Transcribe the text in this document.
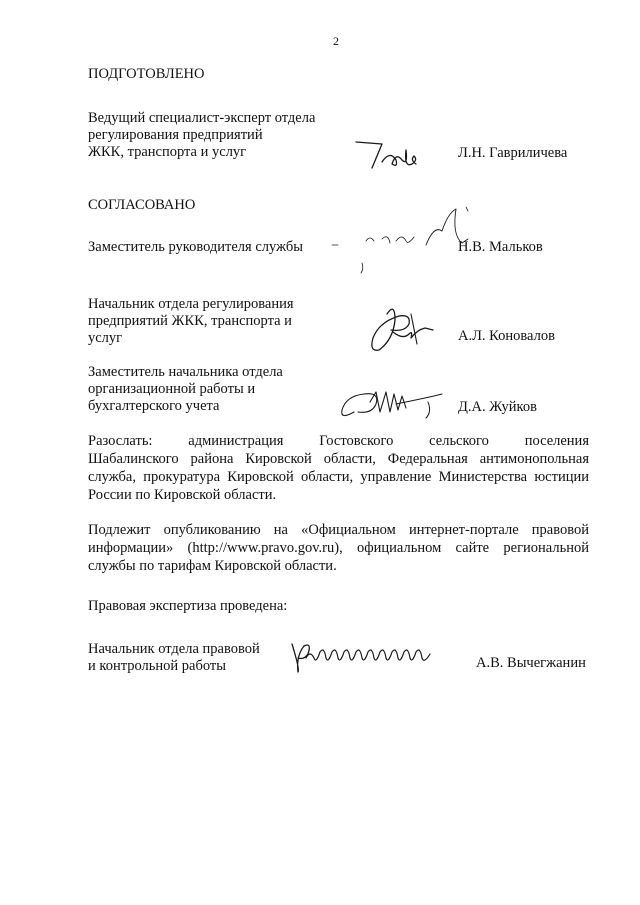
2
ПОДГОТОВЛЕНО
Ведущий специалист-эксперт отдела
регулирования предприятий
ЖКК, транспорта и услуг	Л.Н. Гавриличева
СОГЛАСОВАНО
Заместитель руководителя службы	Н.В. Мальков
Начальник отдела регулирования
предприятий ЖКК, транспорта и
услуг	А.Л. Коновалов
Заместитель начальника отдела
организационной работы и
бухгалтерского учета	Д.А. Жуйков
Разослать: администрация Гостовского сельского поселения
Шабалинского района Кировской области, Федеральная антимонопольная
служба, прокуратура Кировской области, управление Министерства юстиции
России по Кировской области.
Подлежит опубликованию на «Официальном интернет-портале правовой
информации» (http://www.pravo.gov.ru), официальном сайте региональной
службы по тарифам Кировской области.
Правовая экспертиза проведена:
Начальник отдела правовой
и контрольной работы	А.В. Вычегжанин
